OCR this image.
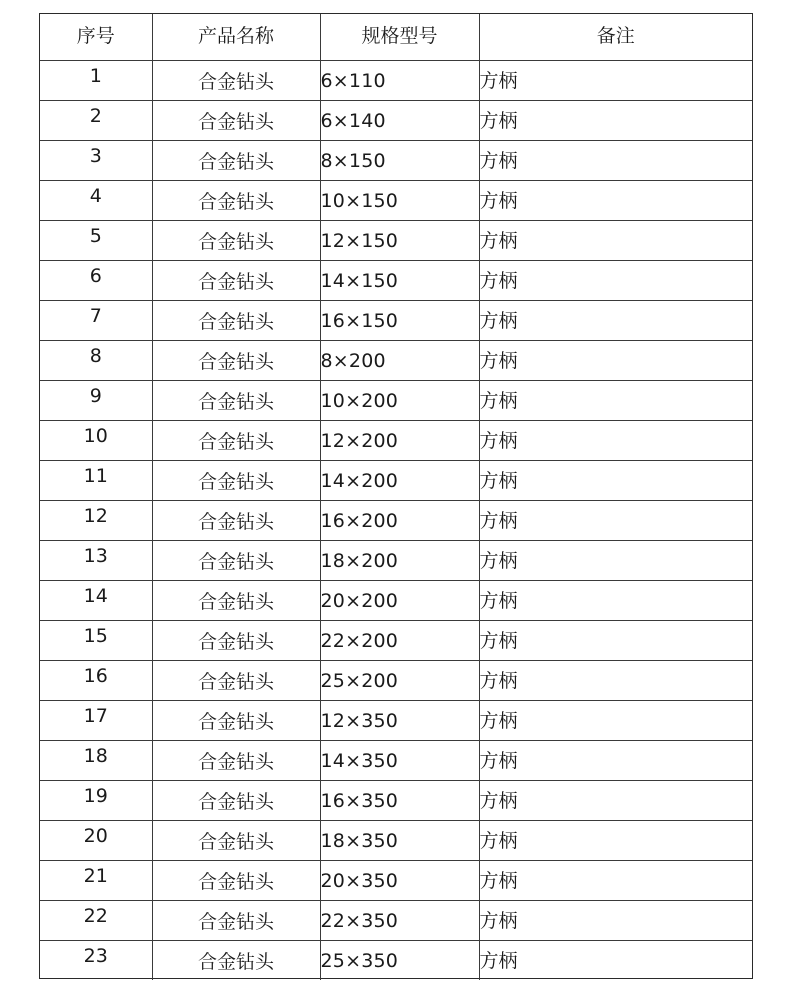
序号	产品名称	规格型号	备注
1	合金钻头	6×110	方柄
2	合金钻头	6×140	方柄
3	合金钻头	8×150	方柄
4	合金钻头	10×150	方柄
5	合金钻头	12×150	方柄
6	合金钻头	14×150	方柄
7	合金钻头	16×150	方柄
8	合金钻头	8×200	方柄
9	合金钻头	10×200	方柄
10	合金钻头	12×200	方柄
11	合金钻头	14×200	方柄
12	合金钻头	16×200	方柄
13	合金钻头	18×200	方柄
14	合金钻头	20×200	方柄
15	合金钻头	22×200	方柄
16	合金钻头	25×200	方柄
17	合金钻头	12×350	方柄
18	合金钻头	14×350	方柄
19	合金钻头	16×350	方柄
20	合金钻头	18×350	方柄
21	合金钻头	20×350	方柄
22	合金钻头	22×350	方柄
23	合金钻头	25×350	方柄
